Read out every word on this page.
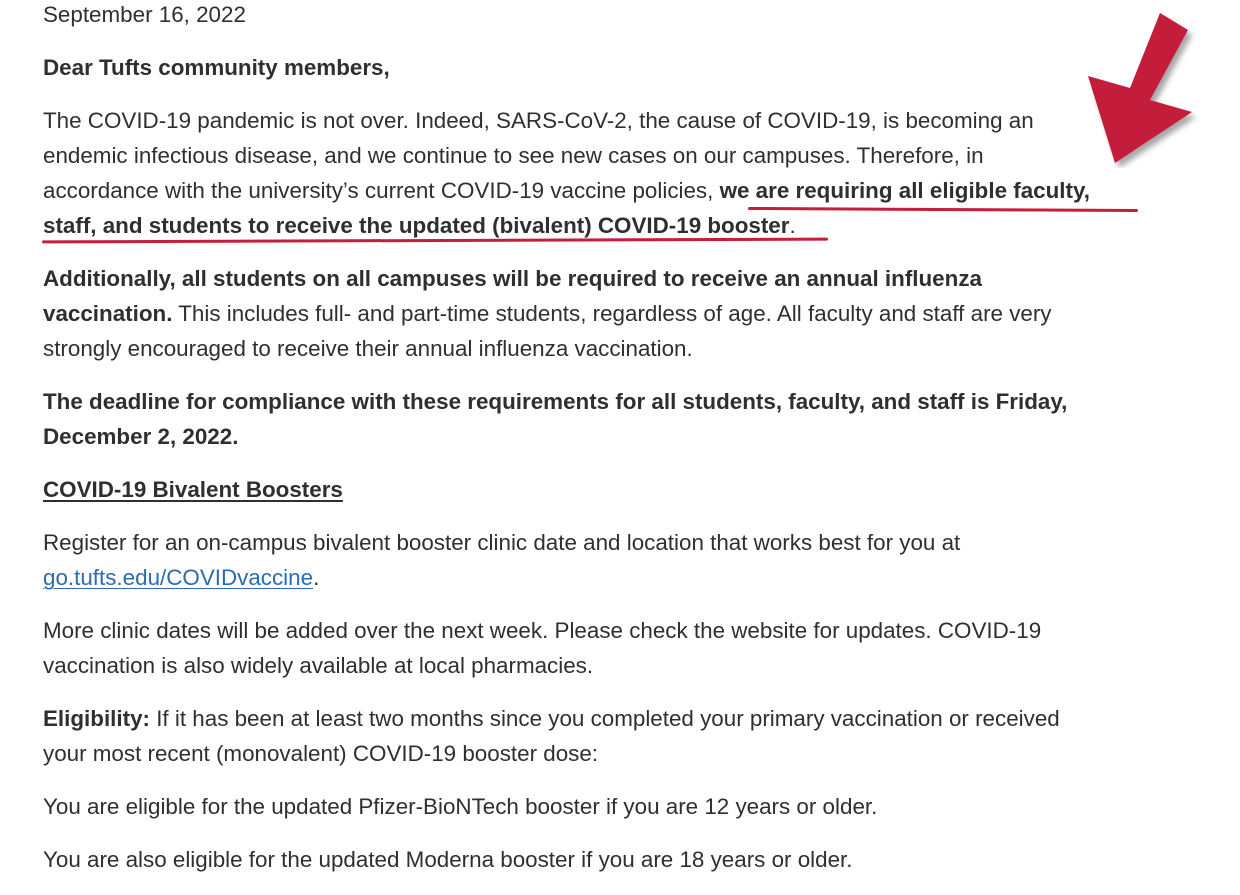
September 16, 2022

Dear Tufts community members,

The COVID-19 pandemic is not over. Indeed, SARS-CoV-2, the cause of COVID-19, is becoming an
endemic infectious disease, and we continue to see new cases on our campuses. Therefore, in
accordance with the university’s current COVID-19 vaccine policies, we are requiring all eligible faculty,
staff, and students to receive the updated (bivalent) COVID-19 booster.

Additionally, all students on all campuses will be required to receive an annual influenza
vaccination. This includes full- and part-time students, regardless of age. All faculty and staff are very
strongly encouraged to receive their annual influenza vaccination.

The deadline for compliance with these requirements for all students, faculty, and staff is Friday,
December 2, 2022.

COVID-19 Bivalent Boosters

Register for an on-campus bivalent booster clinic date and location that works best for you at
go.tufts.edu/COVIDvaccine.

More clinic dates will be added over the next week. Please check the website for updates. COVID-19
vaccination is also widely available at local pharmacies.

Eligibility: If it has been at least two months since you completed your primary vaccination or received
your most recent (monovalent) COVID-19 booster dose:

You are eligible for the updated Pfizer-BioNTech booster if you are 12 years or older.

You are also eligible for the updated Moderna booster if you are 18 years or older.
